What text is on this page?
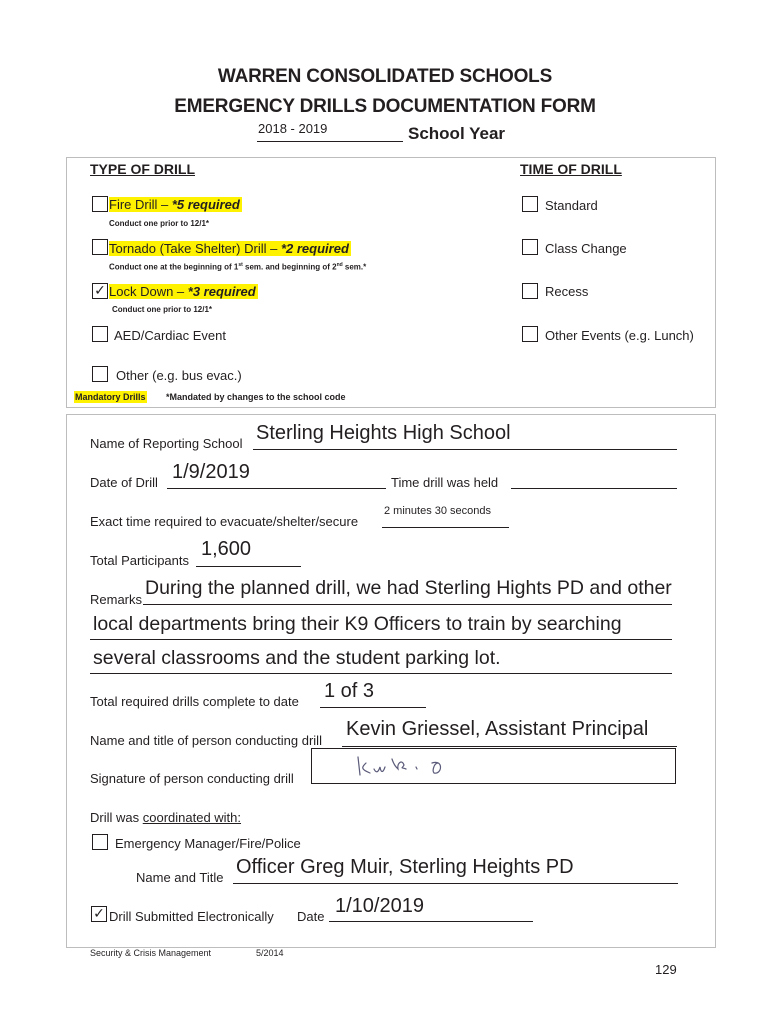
WARREN CONSOLIDATED SCHOOLS
EMERGENCY DRILLS DOCUMENTATION FORM
2018 - 2019	School Year
TYPE OF DRILL	TIME OF DRILL
Fire Drill – *5 required
Conduct one prior to 12/1*
Tornado (Take Shelter) Drill – *2 required
Conduct one at the beginning of 1st sem. and beginning of 2nd sem.*
✓ Lock Down – *3 required
Conduct one prior to 12/1*
AED/Cardiac Event
Other (e.g. bus evac.)
Mandatory Drills *Mandated by changes to the school code
Standard
Class Change
Recess
Other Events (e.g. Lunch)
Name of Reporting School Sterling Heights High School
Date of Drill 1/9/2019	Time drill was held
Exact time required to evacuate/shelter/secure
2 minutes 30 seconds
Total Participants
1,600
Remarks
During the planned drill, we had Sterling Hights PD and other
local departments bring their K9 Officers to train by searching
several classrooms and the student parking lot.
Total required drills complete to date 1 of 3
Name and title of person conducting drill
Kevin Griessel, Assistant Principal
Signature of person conducting drill
Drill was coordinated with:
Emergency Manager/Fire/Police
Name and Title Officer Greg Muir, Sterling Heights PD
✓ Drill Submitted Electronically Date 1/10/2019
Security & Crisis Management	5/2014
129
